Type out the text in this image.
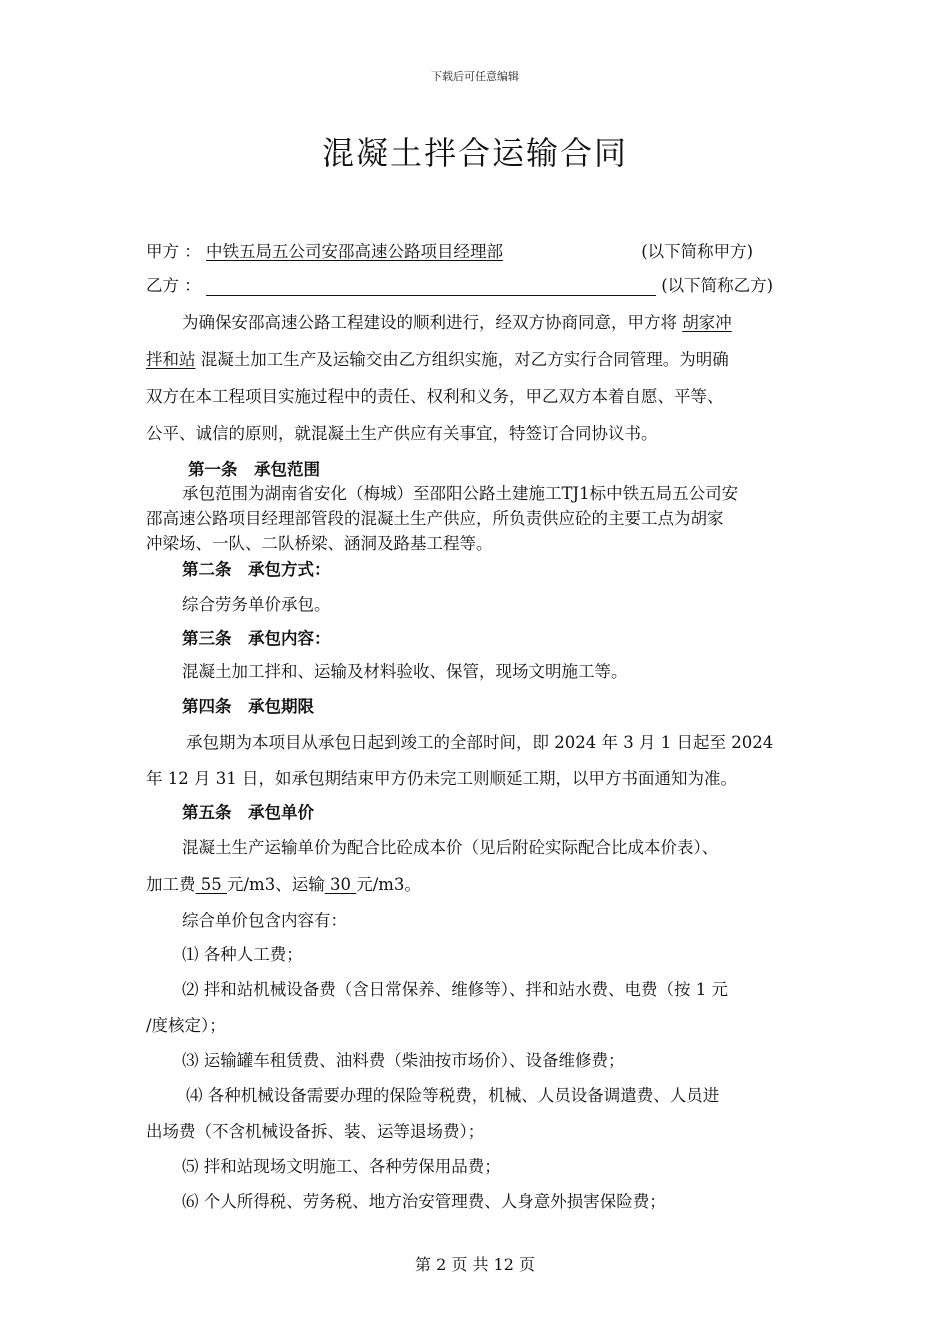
下载后可任意编辑
混凝土拌合运输合同
甲方 ： 中铁五局五公司安邵高速公路项目经理部	(以下简称甲方)
乙方 ：	(以下简称乙方)
为确保安邵高速公路工程建设的顺利进行，经双方协商同意，甲方将 胡家冲
拌和站 混凝土加工生产及运输交由乙方组织实施，对乙方实行合同管理。为明确
双方在本工程项目实施过程中的责任、权利和义务，甲乙双方本着自愿、平等、
公平、诚信的原则，就混凝土生产供应有关事宜，特签订合同协议书。
第一条　承包范围
承包范围为湖南省安化（梅城）至邵阳公路土建施工TJ1标中铁五局五公司安
邵高速公路项目经理部管段的混凝土生产供应，所负责供应砼的主要工点为胡家
冲梁场、一队、二队桥梁、涵洞及路基工程等。
第二条　承包方式：
综合劳务单价承包。
第三条　承包内容：
混凝土加工拌和、运输及材料验收、保管，现场文明施工等。
第四条　承包期限
承包期为本项目从承包日起到竣工的全部时间，即 2024 年 3 月 1 日起至 2024
年 12 月 31 日，如承包期结束甲方仍未完工则顺延工期，以甲方书面通知为准。
第五条　承包单价
混凝土生产运输单价为配合比砼成本价（见后附砼实际配合比成本价表）、
加工费 55 元/m3、运输 30 元/m3。
综合单价包含内容有：
⑴ 各种人工费；
⑵ 拌和站机械设备费（含日常保养、维修等）、拌和站水费、电费（按 1 元
/度核定）；
⑶ 运输罐车租赁费、油料费（柴油按市场价）、设备维修费；
⑷ 各种机械设备需要办理的保险等税费，机械、人员设备调遣费、人员进
出场费（不含机械设备拆、装、运等退场费）；
⑸ 拌和站现场文明施工、各种劳保用品费；
⑹ 个人所得税、劳务税、地方治安管理费、人身意外损害保险费；
第 2 页 共 12 页
